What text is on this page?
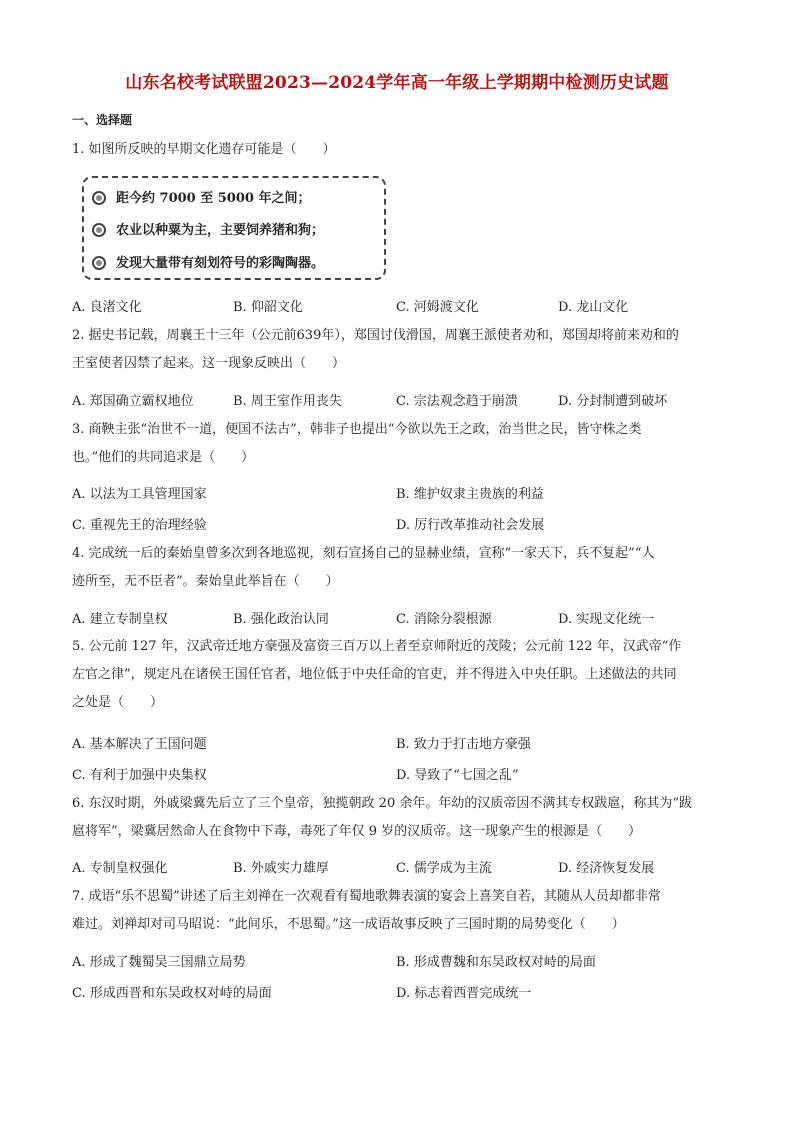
山东名校考试联盟2023—2024学年高一年级上学期期中检测历史试题
一、选择题
1. 如图所反映的早期文化遗存可能是（　　）
距今约 7000 至 5000 年之间；
农业以种粟为主，主要饲养猪和狗；
发现大量带有刻划符号的彩陶陶器。
A. 良渚文化	B. 仰韶文化	C. 河姆渡文化	D. 龙山文化
2. 据史书记载，周襄王十三年（公元前639年），郑国讨伐滑国，周襄王派使者劝和，郑国却将前来劝和的
王室使者囚禁了起来。这一现象反映出（　　）
A. 郑国确立霸权地位	B. 周王室作用丧失	C. 宗法观念趋于崩溃	D. 分封制遭到破坏
3. 商鞅主张“治世不一道，便国不法古”，韩非子也提出“今欲以先王之政，治当世之民，皆守株之类
也。”他们的共同追求是（　　）
A. 以法为工具管理国家	B. 维护奴隶主贵族的利益
C. 重视先王的治理经验	D. 厉行改革推动社会发展
4. 完成统一后的秦始皇曾多次到各地巡视，刻石宣扬自己的显赫业绩，宣称“一家天下，兵不复起”“人
迹所至，无不臣者”。秦始皇此举旨在（　　）
A. 建立专制皇权	B. 强化政治认同	C. 消除分裂根源	D. 实现文化统一
5. 公元前 127 年，汉武帝迁地方豪强及富资三百万以上者至京师附近的茂陵；公元前 122 年，汉武帝“作
左官之律”，规定凡在诸侯王国任官者，地位低于中央任命的官吏，并不得进入中央任职。上述做法的共同
之处是（　　）
A. 基本解决了王国问题	B. 致力于打击地方豪强
C. 有利于加强中央集权	D. 导致了“七国之乱”
6. 东汉时期，外戚梁冀先后立了三个皇帝，独揽朝政 20 余年。年幼的汉质帝因不满其专权跋扈，称其为“跋
扈将军”，梁冀居然命人在食物中下毒，毒死了年仅 9 岁的汉质帝。这一现象产生的根源是（　　）
A. 专制皇权强化	B. 外戚实力雄厚	C. 儒学成为主流	D. 经济恢复发展
7. 成语“乐不思蜀”讲述了后主刘禅在一次观看有蜀地歌舞表演的宴会上喜笑自若，其随从人员却都非常
难过。刘禅却对司马昭说：“此间乐，不思蜀。”这一成语故事反映了三国时期的局势变化（　　）
A. 形成了魏蜀吴三国鼎立局势	B. 形成曹魏和东吴政权对峙的局面
C. 形成西晋和东吴政权对峙的局面	D. 标志着西晋完成统一
